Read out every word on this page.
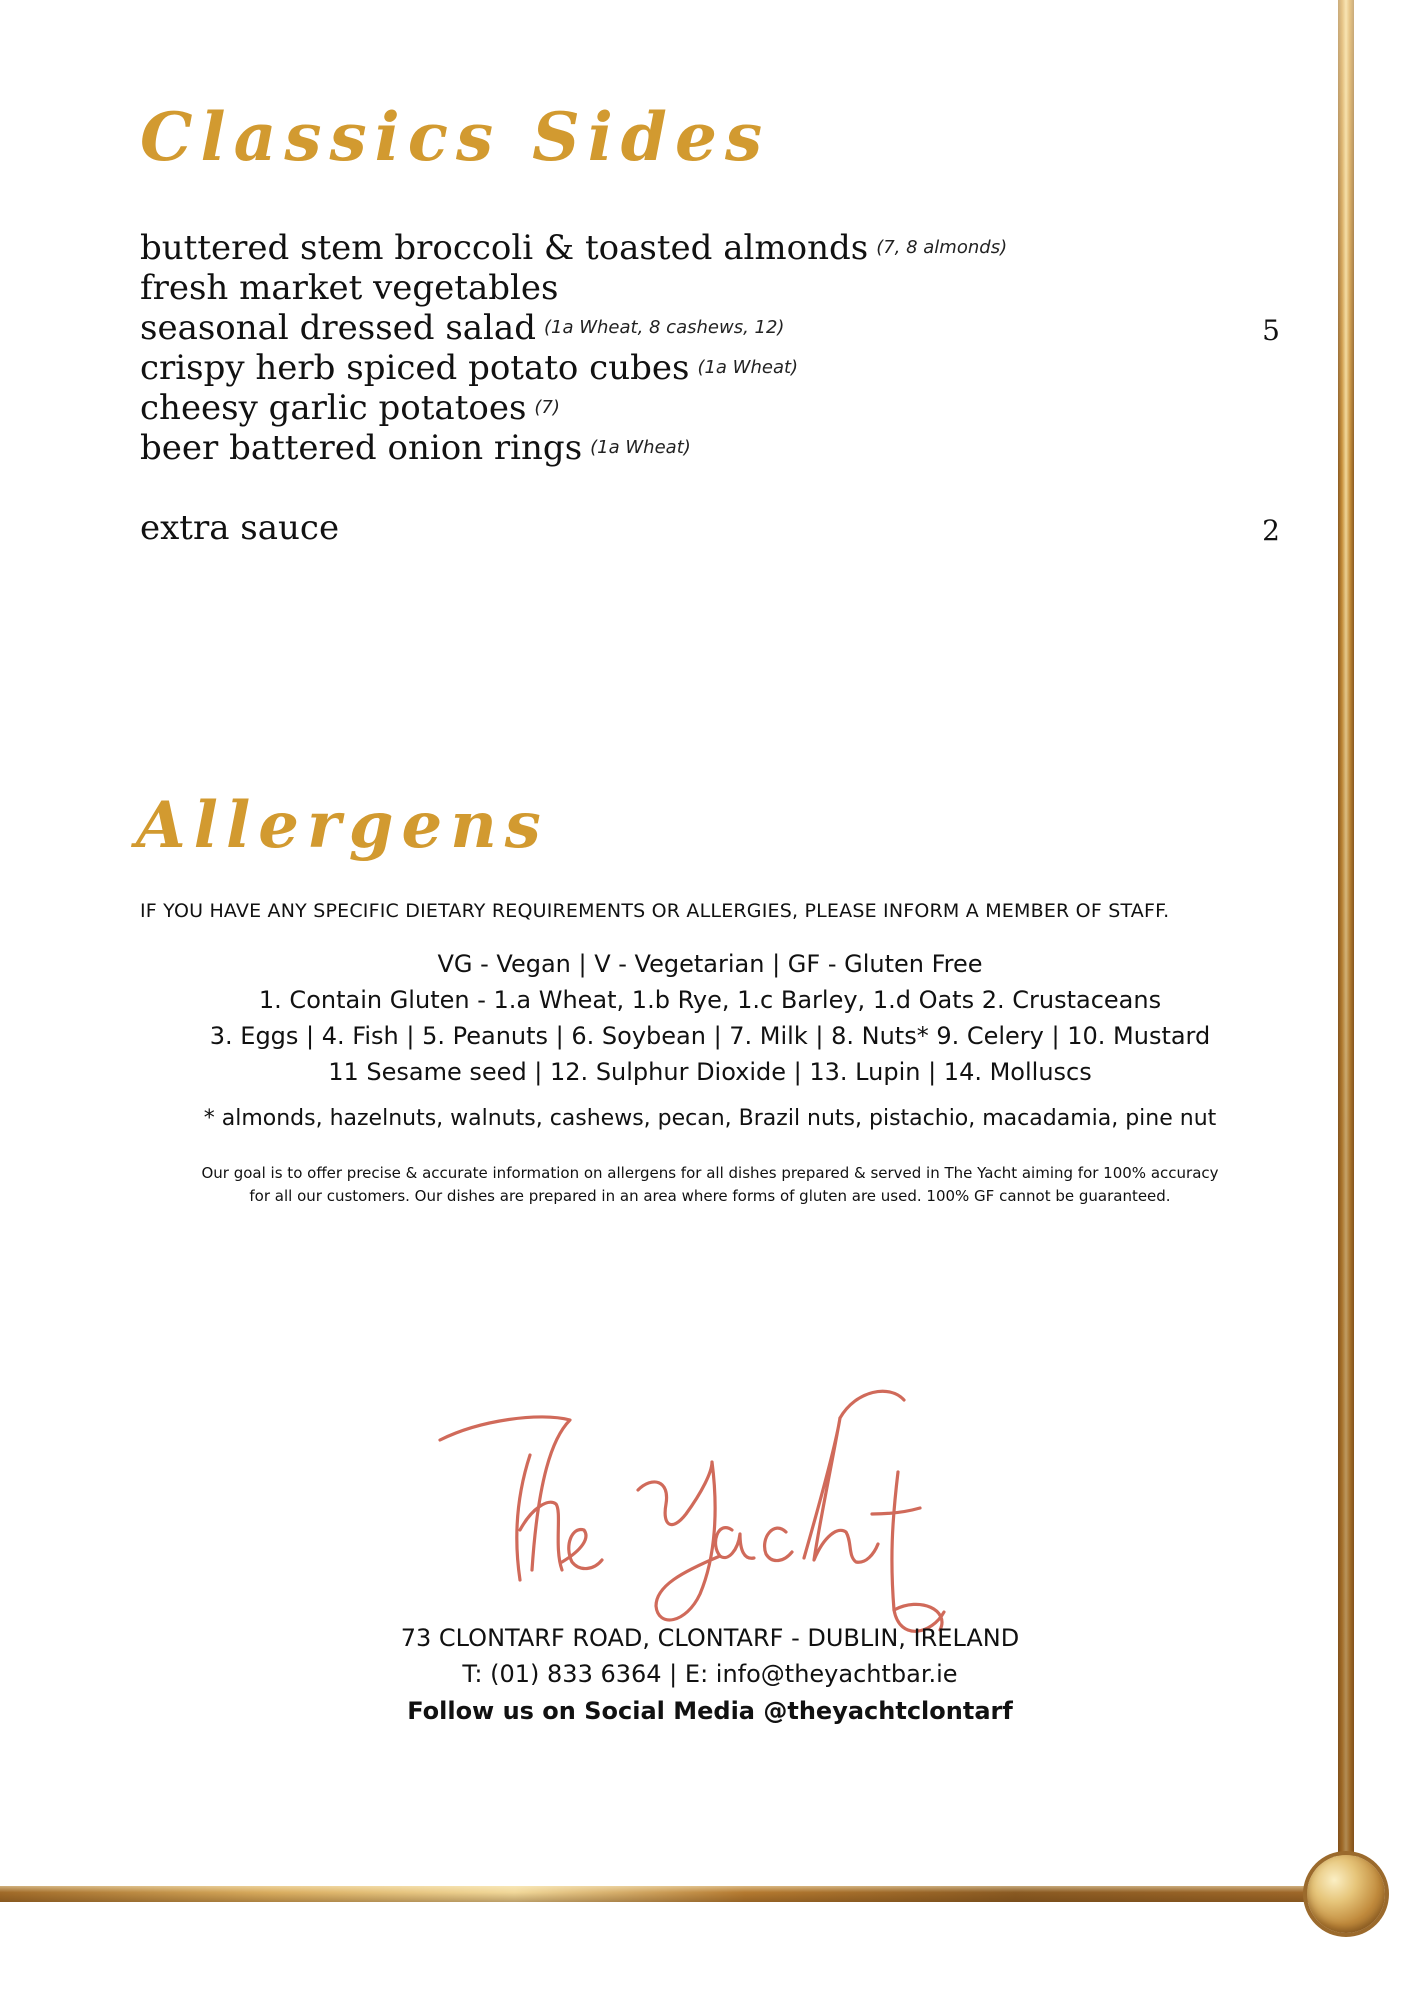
Classics Sides
buttered stem broccoli & toasted almonds (7, 8 almonds)
fresh market vegetables
seasonal dressed salad (1a Wheat, 8 cashews, 12)
crispy herb spiced potato cubes (1a Wheat)
cheesy garlic potatoes (7)
beer battered onion rings (1a Wheat)
5
extra sauce	2
Allergens
IF YOU HAVE ANY SPECIFIC DIETARY REQUIREMENTS OR ALLERGIES, PLEASE INFORM A MEMBER OF STAFF.
VG - Vegan | V - Vegetarian | GF - Gluten Free
1. Contain Gluten - 1.a Wheat, 1.b Rye, 1.c Barley, 1.d Oats 2. Crustaceans
3. Eggs | 4. Fish | 5. Peanuts | 6. Soybean | 7. Milk | 8. Nuts* 9. Celery | 10. Mustard
11 Sesame seed | 12. Sulphur Dioxide | 13. Lupin | 14. Molluscs
* almonds, hazelnuts, walnuts, cashews, pecan, Brazil nuts, pistachio, macadamia, pine nut
Our goal is to offer precise & accurate information on allergens for all dishes prepared & served in The Yacht aiming for 100% accuracy
for all our customers. Our dishes are prepared in an area where forms of gluten are used. 100% GF cannot be guaranteed.
73 CLONTARF ROAD, CLONTARF - DUBLIN, IRELAND
T: (01) 833 6364 | E: info@theyachtbar.ie
Follow us on Social Media @theyachtclontarf
